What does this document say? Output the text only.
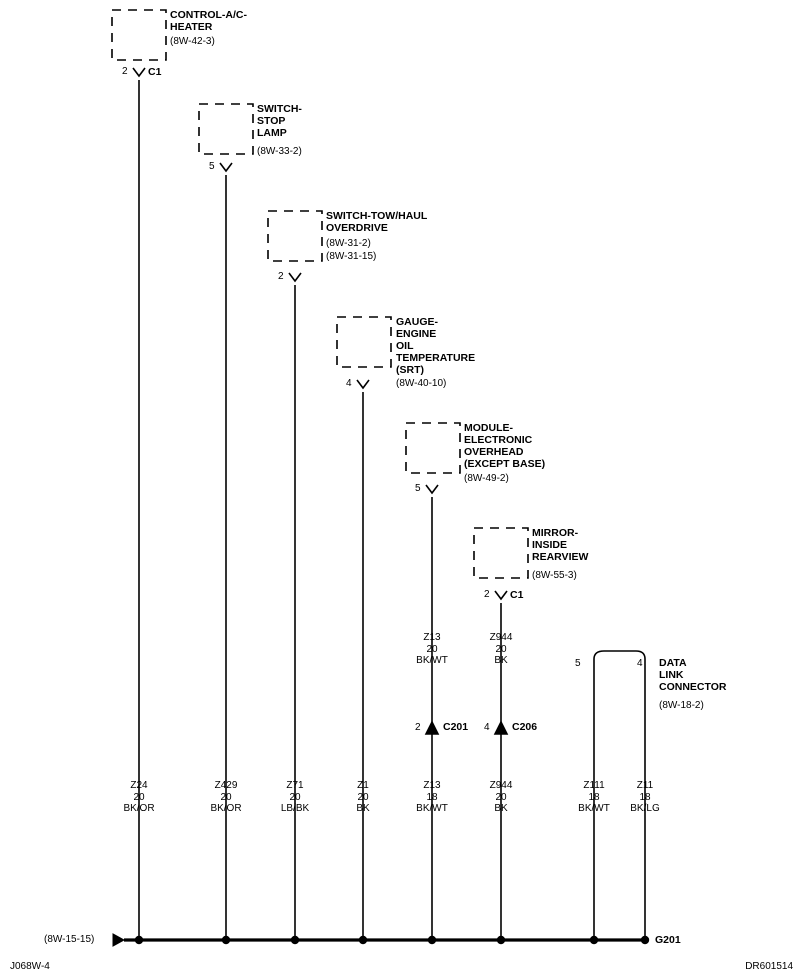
CONTROL-A/C-
HEATER
(8W-42-3)
2 C1
SWITCH-
STOP
LAMP
(8W-33-2)
5
SWITCH-TOW/HAUL
OVERDRIVE
(8W-31-2)
(8W-31-15)
2
GAUGE-
ENGINE
OIL
TEMPERATURE
(SRT)
(8W-40-10)
4
MODULE-
ELECTRONIC
OVERHEAD
(EXCEPT BASE)
(8W-49-2)
5
MIRROR-
INSIDE
REARVIEW
(8W-55-3)
2 C1
Z13
20
BK/WT
Z944
20
BK
2 C201 4 C206
5	4 DATA
LINK
CONNECTOR
(8W-18-2)
Z24
20
BK/OR
Z429
20
BK/OR
Z71
20
LB/BK
Z1
20
BK
Z13
18
BK/WT
Z944
20
BK
Z111
18
BK/WT
Z11
18
BK/LG
(8W-15-15)	G201
J068W-4	DR601514
